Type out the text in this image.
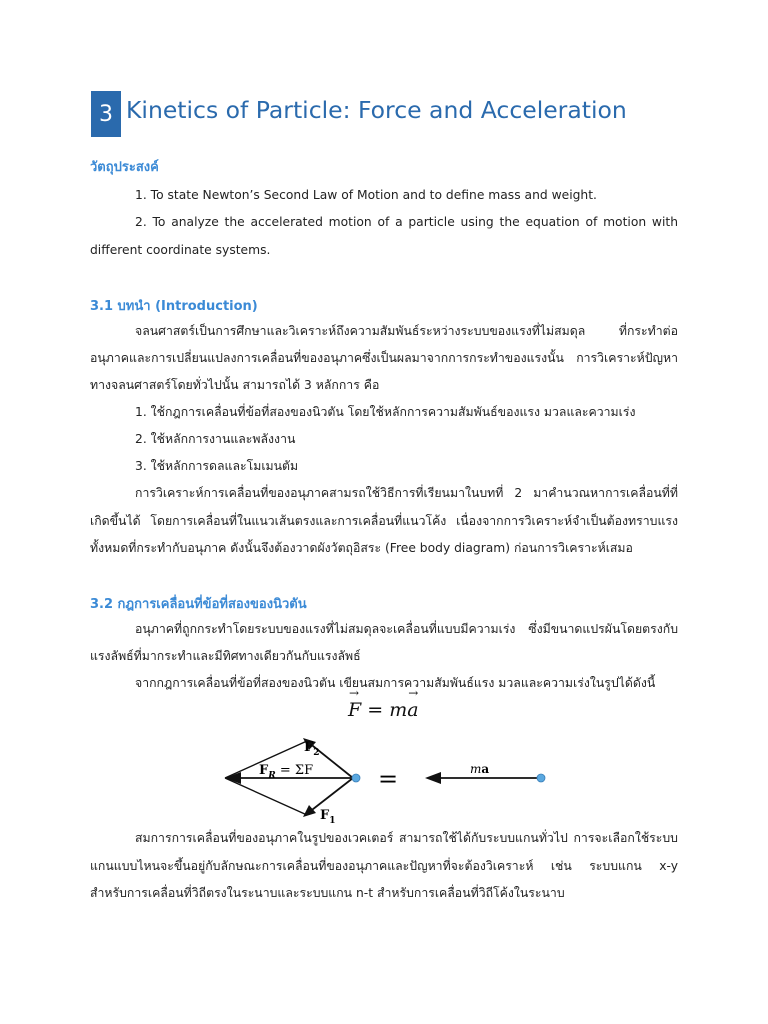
3 Kinetics of Particle: Force and Acceleration
วัตถุประสงค์
1. To state Newton’s Second Law of Motion and to define mass and weight.
2. To analyze the accelerated motion of a particle using the equation of motion with
different coordinate systems.
3.1 บทนำ (Introduction)
จลนศาสตร์เป็นการศึกษาและวิเคราะห์ถึงความสัมพันธ์ระหว่างระบบของแรงที่ไม่สมดุล ที่กระทำต่อ
อนุภาคและการเปลี่ยนแปลงการเคลื่อนที่ของอนุภาคซึ่งเป็นผลมาจากการกระทำของแรงนั้น การวิเคราะห์ปัญหา
ทางจลนศาสตร์โดยทั่วไปนั้น สามารถได้ 3 หลักการ คือ
1. ใช้กฎการเคลื่อนที่ข้อที่สองของนิวตัน โดยใช้หลักการความสัมพันธ์ของแรง มวลและความเร่ง
2. ใช้หลักการงานและพลังงาน
3. ใช้หลักการดลและโมเมนตัม
การวิเคราะห์การเคลื่อนที่ของอนุภาคสามรถใช้วิธีการที่เรียนมาในบทที่ 2 มาคำนวณหาการเคลื่อนที่ที่
เกิดขึ้นได้ โดยการเคลื่อนที่ในแนวเส้นตรงและการเคลื่อนที่แนวโค้ง เนื่องจากการวิเคราะห์จำเป็นต้องทราบแรง
ทั้งหมดที่กระทำกับอนุภาค ดังนั้นจึงต้องวาดผังวัตถุอิสระ (Free body diagram) ก่อนการวิเคราะห์เสมอ
3.2 กฎการเคลื่อนที่ข้อที่สองของนิวตัน
อนุภาคที่ถูกกระทำโดยระบบของแรงที่ไม่สมดุลจะเคลื่อนที่แบบมีความเร่ง ซึ่งมีขนาดแปรผันโดยตรงกับ
แรงลัพธ์ที่มากระทำและมีทิศทางเดียวกันกับแรงลัพธ์
จากกฎการเคลื่อนที่ข้อที่สองของนิวตัน เขียนสมการความสัมพันธ์แรง มวลและความเร่งในรูปได้ดังนี้
→ F = m→ a
$F_2$
$F_R = \Sigma F$
$F_1$
=	ma
สมการการเคลื่อนที่ของอนุภาคในรูปของเวคเตอร์ สามารถใช้ได้กับระบบแกนทั่วไป การจะเลือกใช้ระบบ
แกนแบบไหนจะขึ้นอยู่กับลักษณะการเคลื่อนที่ของอนุภาคและปัญหาที่จะต้องวิเคราะห์ เช่น ระบบแกน x-y
สำหรับการเคลื่อนที่วิถีตรงในระนาบและระบบแกน n-t สำหรับการเคลื่อนที่วิถีโค้งในระนาบ
